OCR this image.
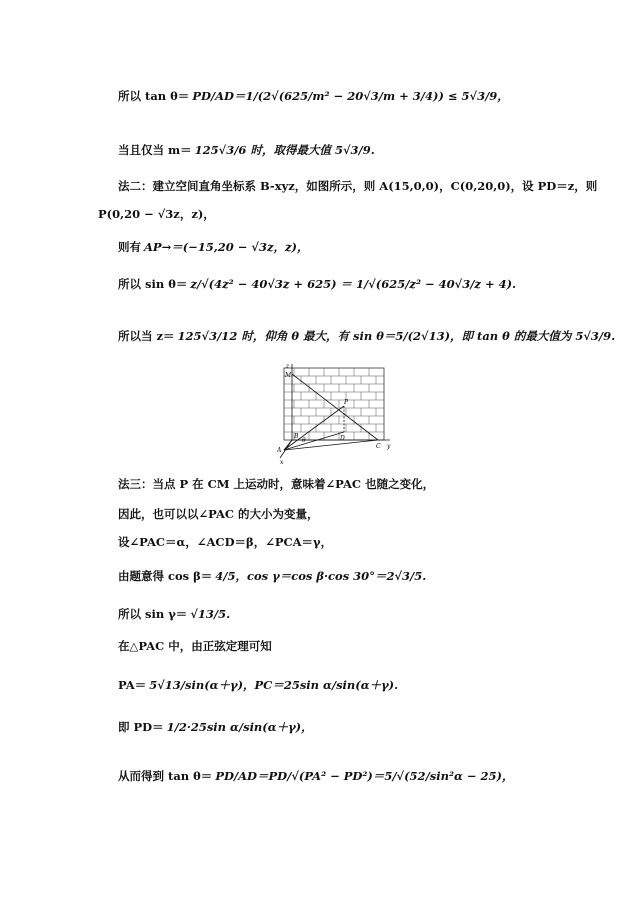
所以 tan θ＝ PD/AD＝1/(2√(625/m² − 20√3/m + 3/4)) ≤ 5√3/9，
当且仅当 m＝ 125√3/6 时，取得最大值 5√3/9.
法二：建立空间直角坐标系 B-xyz，如图所示，则 A(15,0,0)，C(0,20,0)，设 PD＝z，则
P(0,20 − √3z，z)，
则有 AP→＝(−15,20 − √3z，z)，
所以 sin θ＝ z/√(4z² − 40√3z + 625) ＝ 1/√(625/z² − 40√3/z + 4).
所以当 z＝ 125√3/12 时，仰角 θ 最大，有 sin θ＝5/(2√13)，即 tan θ 的最大值为 5√3/9.
z
M
P
B	D
C y
A
θ
x
法三：当点 P 在 CM 上运动时，意味着∠PAC 也随之变化，
因此，也可以以∠PAC 的大小为变量，
设∠PAC＝α，∠ACD＝β，∠PCA＝γ，
由题意得 cos β＝ 4/5，cos γ＝cos β·cos 30°＝2√3/5.
所以 sin γ＝ √13/5.
在△PAC 中，由正弦定理可知
PA＝ 5√13/sin(α＋γ)，PC＝25sin α/sin(α＋γ).
即 PD＝ 1/2·25sin α/sin(α＋γ)，
从而得到 tan θ＝ PD/AD＝PD/√(PA² − PD²)＝5/√(52/sin²α − 25)，
